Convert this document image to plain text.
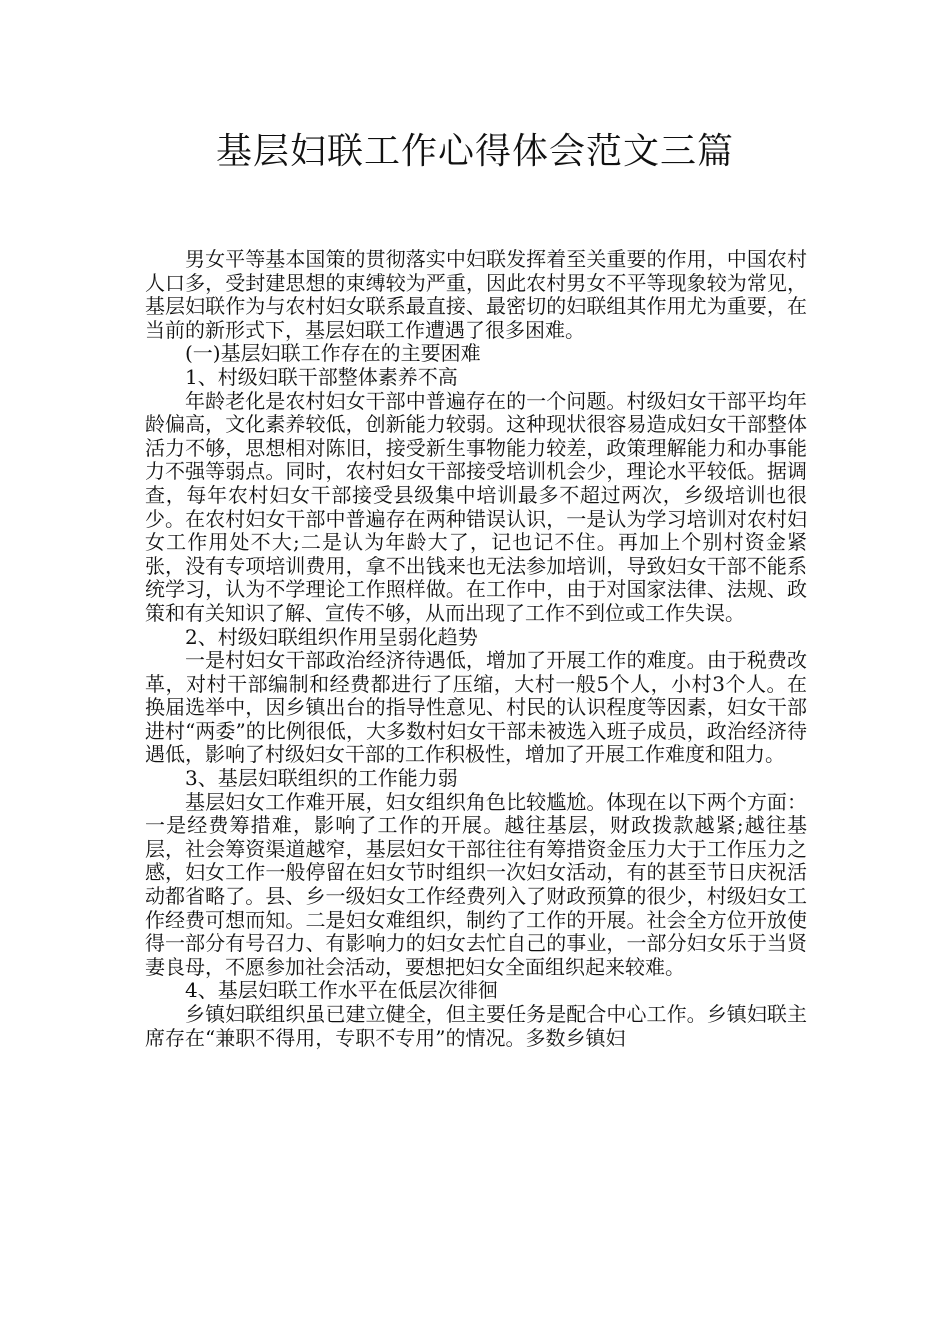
基层妇联工作心得体会范文三篇

男女平等基本国策的贯彻落实中妇联发挥着至关重要的作用，中国农村人口多，受封建思想的束缚较为严重，因此农村男女不平等现象较为常见，基层妇联作为与农村妇女联系最直接、最密切的妇联组其作用尤为重要，在当前的新形式下，基层妇联工作遭遇了很多困难。

(一)基层妇联工作存在的主要困难

1、村级妇联干部整体素养不高

年龄老化是农村妇女干部中普遍存在的一个问题。村级妇女干部平均年龄偏高，文化素养较低，创新能力较弱。这种现状很容易造成妇女干部整体活力不够，思想相对陈旧，接受新生事物能力较差，政策理解能力和办事能力不强等弱点。同时，农村妇女干部接受培训机会少，理论水平较低。据调查，每年农村妇女干部接受县级集中培训最多不超过两次，乡级培训也很少。在农村妇女干部中普遍存在两种错误认识，一是认为学习培训对农村妇女工作用处不大;二是认为年龄大了，记也记不住。再加上个别村资金紧张，没有专项培训费用，拿不出钱来也无法参加培训，导致妇女干部不能系统学习，认为不学理论工作照样做。在工作中，由于对国家法律、法规、政策和有关知识了解、宣传不够，从而出现了工作不到位或工作失误。

2、村级妇联组织作用呈弱化趋势

一是村妇女干部政治经济待遇低，增加了开展工作的难度。由于税费改革，对村干部编制和经费都进行了压缩，大村一般5个人，小村3个人。在换届选举中，因乡镇出台的指导性意见、村民的认识程度等因素，妇女干部进村“两委”的比例很低，大多数村妇女干部未被选入班子成员，政治经济待遇低，影响了村级妇女干部的工作积极性，增加了开展工作难度和阻力。

3、基层妇联组织的工作能力弱

基层妇女工作难开展，妇女组织角色比较尴尬。体现在以下两个方面：一是经费筹措难，影响了工作的开展。越往基层，财政拨款越紧;越往基层，社会筹资渠道越窄，基层妇女干部往往有筹措资金压力大于工作压力之感，妇女工作一般停留在妇女节时组织一次妇女活动，有的甚至节日庆祝活动都省略了。县、乡一级妇女工作经费列入了财政预算的很少，村级妇女工作经费可想而知。二是妇女难组织，制约了工作的开展。社会全方位开放使得一部分有号召力、有影响力的妇女去忙自己的事业，一部分妇女乐于当贤妻良母，不愿参加社会活动，要想把妇女全面组织起来较难。

4、基层妇联工作水平在低层次徘徊

乡镇妇联组织虽已建立健全，但主要任务是配合中心工作。乡镇妇联主席存在“兼职不得用，专职不专用”的情况。多数乡镇妇
